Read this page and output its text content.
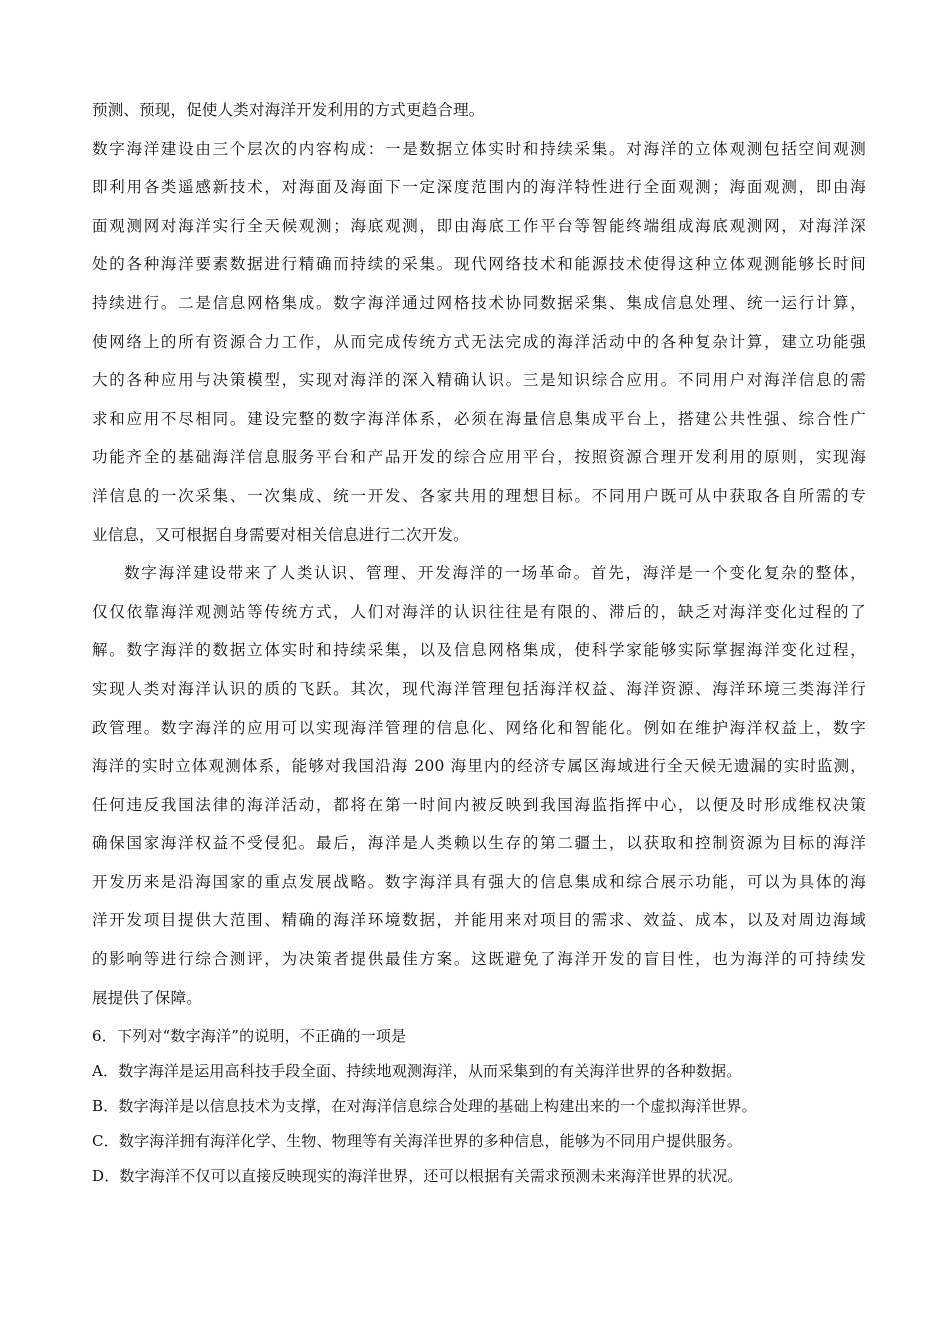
预测、预现，促使人类对海洋开发利用的方式更趋合理。
数字海洋建设由三个层次的内容构成：一是数据立体实时和持续采集。对海洋的立体观测包括空间观测
即利用各类遥感新技术，对海面及海面下一定深度范围内的海洋特性进行全面观测；海面观测，即由海
面观测网对海洋实行全天候观测；海底观测，即由海底工作平台等智能终端组成海底观测网，对海洋深
处的各种海洋要素数据进行精确而持续的采集。现代网络技术和能源技术使得这种立体观测能够长时间
持续进行。二是信息网格集成。数字海洋通过网格技术协同数据采集、集成信息处理、统一运行计算，
使网络上的所有资源合力工作，从而完成传统方式无法完成的海洋活动中的各种复杂计算，建立功能强
大的各种应用与决策模型，实现对海洋的深入精确认识。三是知识综合应用。不同用户对海洋信息的需
求和应用不尽相同。建设完整的数字海洋体系，必须在海量信息集成平台上，搭建公共性强、综合性广
功能齐全的基础海洋信息服务平台和产品开发的综合应用平台，按照资源合理开发利用的原则，实现海
洋信息的一次采集、一次集成、统一开发、各家共用的理想目标。不同用户既可从中获取各自所需的专
业信息，又可根据自身需要对相关信息进行二次开发。
数字海洋建设带来了人类认识、管理、开发海洋的一场革命。首先，海洋是一个变化复杂的整体，
仅仅依靠海洋观测站等传统方式，人们对海洋的认识往往是有限的、滞后的，缺乏对海洋变化过程的了
解。数字海洋的数据立体实时和持续采集，以及信息网格集成，使科学家能够实际掌握海洋变化过程，
实现人类对海洋认识的质的飞跃。其次，现代海洋管理包括海洋权益、海洋资源、海洋环境三类海洋行
政管理。数字海洋的应用可以实现海洋管理的信息化、网络化和智能化。例如在维护海洋权益上，数字
海洋的实时立体观测体系，能够对我国沿海 200 海里内的经济专属区海域进行全天候无遗漏的实时监测，
任何违反我国法律的海洋活动，都将在第一时间内被反映到我国海监指挥中心，以便及时形成维权决策
确保国家海洋权益不受侵犯。最后，海洋是人类赖以生存的第二疆土，以获取和控制资源为目标的海洋
开发历来是沿海国家的重点发展战略。数字海洋具有强大的信息集成和综合展示功能，可以为具体的海
洋开发项目提供大范围、精确的海洋环境数据，并能用来对项目的需求、效益、成本，以及对周边海域
的影响等进行综合测评，为决策者提供最佳方案。这既避免了海洋开发的盲目性，也为海洋的可持续发
展提供了保障。
6．下列对“数字海洋”的说明，不正确的一项是
A．数字海洋是运用高科技手段全面、持续地观测海洋，从而采集到的有关海洋世界的各种数据。
B．数字海洋是以信息技术为支撑，在对海洋信息综合处理的基础上构建出来的一个虚拟海洋世界。
C．数字海洋拥有海洋化学、生物、物理等有关海洋世界的多种信息，能够为不同用户提供服务。
D．数字海洋不仅可以直接反映现实的海洋世界，还可以根据有关需求预测未来海洋世界的状况。
